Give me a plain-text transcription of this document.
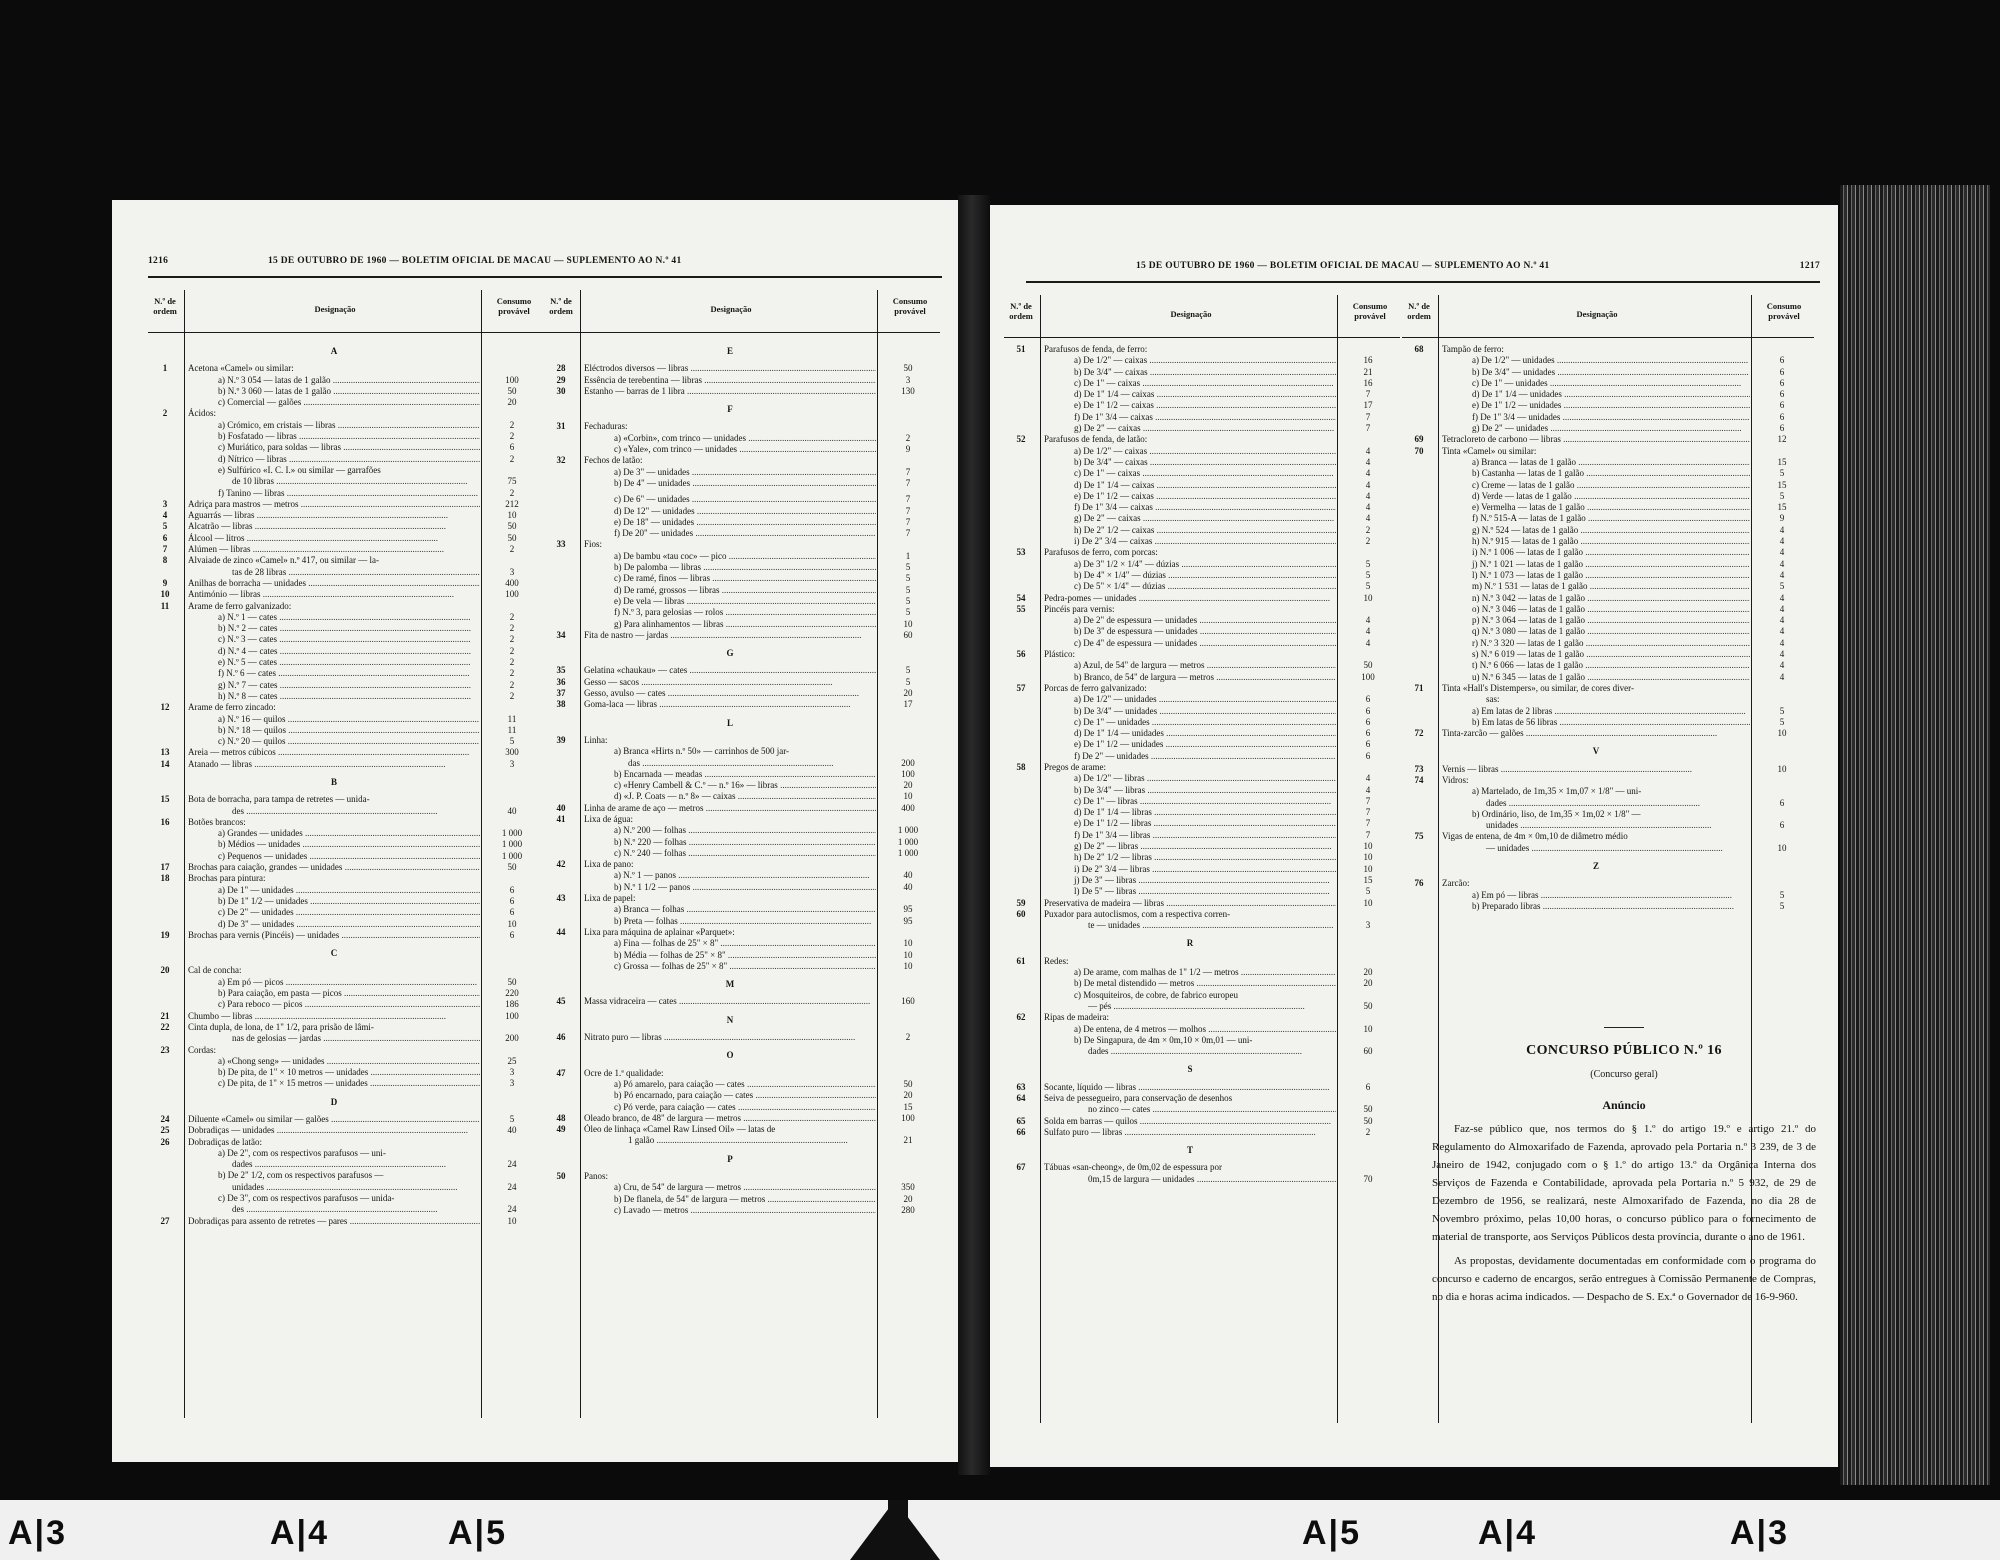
1216	15 DE OUTUBRO DE 1960 — BOLETIM OFICIAL DE MACAU — SUPLEMENTO AO N.º 41
N.º de ordem	Designação
Consumo provável
A
1	Acetona «Camel» ou similar:
a) N.º 3 054 — latas de 1 galão .....	100
b) N.º 3 060 — latas de 1 galão .....	50
c) Comercial — galões .....	20
2	Ácidos:
a) Crómico, em cristais — libras .....	2
b) Fosfatado — libras .....	2
c) Muriático, para soldas — libras .....	6
d) Nítrico — libras .....	2
e) Sulfúrico «I. C. I.» ou similar — garrafões
de 10 libras .....	75
f) Tanino — libras .....	2
3	Adriça para mastros — metros .....	212
4	Aguarrás — libras .....	10
5	Alcatrão — libras .....	50
6	Álcool — litros .....	50
7	Alúmen — libras .....	2
8	Alvaiade de zinco «Camel» n.º 417, ou similar — la-
tas de 28 libras .....	3
9	Anilhas de borracha — unidades .....	400
10	Antimónio — libras .....	100
11	Arame de ferro galvanizado:
a) N.º 1 — cates .....	2
b) N.º 2 — cates .....	2
c) N.º 3 — cates .....	2
d) N.º 4 — cates .....	2
e) N.º 5 — cates .....	2
f) N.º 6 — cates .....	2
g) N.º 7 — cates .....	2
h) N.º 8 — cates .....	2
12	Arame de ferro zincado:
a) N.º 16 — quilos .....	11
b) N.º 18 — quilos .....	11
c) N.º 20 — quilos .....	5
13	Areia — metros cúbicos .....	300
14	Atanado — libras .....	3
B
15	Bota de borracha, para tampa de retretes — unida-
des .....	40
16	Botões brancos:
a) Grandes — unidades .....	1 000
b) Médios — unidades .....	1 000
c) Pequenos — unidades .....	1 000
17	Brochas para caiação, grandes — unidades .....	50
18	Brochas para pintura:
a) De 1" — unidades .....	6
b) De 1" 1/2 — unidades .....	6
c) De 2" — unidades .....	6
d) De 3" — unidades .....	10
19	Brochas para vernis (Pincéis) — unidades .....	6
C
20	Cal de concha:
a) Em pó — picos .....	50
b) Para caiação, em pasta — picos .....	220
c) Para reboco — picos .....	186
21	Chumbo — libras .....	100
22	Cinta dupla, de lona, de 1" 1/2, para prisão de lâmi-
nas de gelosias — jardas .....	200
23	Cordas:
a) «Chong seng» — unidades .....	25
b) De pita, de 1" × 10 metros — unidades .....	3
c) De pita, de 1" × 15 metros — unidades .....	3
D
24	Diluente «Camel» ou similar — galões .....	5
25	Dobradiças — unidades .....	40
26	Dobradiças de latão:
a) De 2", com os respectivos parafusos — uni-
dades .....	24
b) De 2" 1/2, com os respectivos parafusos —
unidades .....	24
c) De 3", com os respectivos parafusos — unida-
des .....	24
27	Dobradiças para assento de retretes — pares .....	10
N.º de ordem	Designação
Consumo provável
E
28	Eléctrodos diversos — libras .....	50
29	Essência de terebentina — libras .....	3
30	Estanho — barras de 1 libra .....	130
F
31	Fechaduras:
a) «Corbin», com trinco — unidades .....	2
c) «Yale», com trinco — unidades .....	9
32	Fechos de latão:
a) De 3" — unidades .....	7
b) De 4" — unidades .....	7
c) De 6" — unidades .....	7
d) De 12" — unidades .....	7
e) De 18" — unidades .....	7
f) De 20" — unidades .....	7
33	Fios:
a) De bambu «tau coc» — pico .....	1
b) De palomba — libras .....	5
c) De ramé, finos — libras .....	5
d) De ramé, grossos — libras .....	5
e) De vela — libras .....	5
f) N.º 3, para gelosias — rolos .....	5
g) Para alinhamentos — libras .....	10
34	Fita de nastro — jardas .....	60
G
35	Gelatina «chaukau» — cates .....	5
36	Gesso — sacos .....	5
37	Gesso, avulso — cates .....	20
38	Goma-laca — libras .....	17
L
39	Linha:
a) Branca «Hirts n.º 50» — carrinhos de 500 jar-
das .....	200
b) Encarnada — meadas .....	100
c) «Henry Cambell & C.º — n.º 16» — libras .....	20
d) «J. P. Coats — n.º 8» — caixas .....	10
40	Linha de arame de aço — metros .....	400
41	Lixa de água:
a) N.º 200 — folhas .....	1 000
b) N.º 220 — folhas .....	1 000
c) N.º 240 — folhas .....	1 000
42	Lixa de pano:
a) N.º 1 — panos .....	40
b) N.º 1 1/2 — panos .....	40
43	Lixa de papel:
a) Branca — folhas .....	95
b) Preta — folhas .....	95
44	Lixa para máquina de aplainar «Parquet»:
a) Fina — folhas de 25" × 8" .....	10
b) Média — folhas de 25" × 8" .....	10
c) Grossa — folhas de 25" × 8" .....	10
M
45	Massa vidraceira — cates .....	160
N
46	Nitrato puro — libras .....	2
O
47	Ocre de 1.ª qualidade:
a) Pó amarelo, para caiação — cates .....	50
b) Pó encarnado, para caiação — cates .....	20
c) Pó verde, para caiação — cates .....	15
48	Oleado branco, de 48" de largura — metros .....	100
49	Óleo de linhaça «Camel Raw Linsed Oil» — latas de
1 galão .....	21
P
50	Panos:
a) Cru, de 54" de largura — metros .....	350
b) De flanela, de 54" de largura — metros .....	20
c) Lavado — metros .....	280
15 DE OUTUBRO DE 1960 — BOLETIM OFICIAL DE MACAU — SUPLEMENTO AO N.º 41	1217
N.º de ordem	Designação
Consumo provável
51	Parafusos de fenda, de ferro:
a) De 1/2" — caixas .....	16
b) De 3/4" — caixas .....	21
c) De 1" — caixas .....	16
d) De 1" 1/4 — caixas .....	7
e) De 1" 1/2 — caixas .....	17
f) De 1" 3/4 — caixas .....	7
g) De 2" — caixas .....	7
52	Parafusos de fenda, de latão:
a) De 1/2" — caixas .....	4
b) De 3/4" — caixas .....	4
c) De 1" — caixas .....	4
d) De 1" 1/4 — caixas .....	4
e) De 1" 1/2 — caixas .....	4
f) De 1" 3/4 — caixas .....	4
g) De 2" — caixas .....	4
h) De 2" 1/2 — caixas .....	2
i) De 2" 3/4 — caixas .....	2
53	Parafusos de ferro, com porcas:
a) De 3" 1/2 × 1/4" — dúzias .....	5
b) De 4" × 1/4" — dúzias .....	5
c) De 5" × 1/4" — dúzias .....	5
54	Pedra-pomes — unidades .....	10
55	Pincéis para vernis:
a) De 2" de espessura — unidades .....	4
b) De 3" de espessura — unidades .....	4
c) De 4" de espessura — unidades .....	4
56	Plástico:
a) Azul, de 54" de largura — metros .....	50
b) Branco, de 54" de largura — metros .....	100
57	Porcas de ferro galvanizado:
a) De 1/2" — unidades .....	6
b) De 3/4" — unidades .....	6
c) De 1" — unidades .....	6
d) De 1" 1/4 — unidades .....	6
e) De 1" 1/2 — unidades .....	6
f) De 2" — unidades .....	6
58	Pregos de arame:
a) De 1/2" — libras .....	4
b) De 3/4" — libras .....	4
c) De 1" — libras .....	7
d) De 1" 1/4 — libras .....	7
e) De 1" 1/2 — libras .....	7
f) De 1" 3/4 — libras .....	7
g) De 2" — libras .....	10
h) De 2" 1/2 — libras .....	10
i) De 2" 3/4 — libras .....	10
j) De 3" — libras .....	15
l) De 5" — libras .....	5
59	Preservativa de madeira — libras .....	10
60	Puxador para autoclismos, com a respectiva corren-
te — unidades .....	3
R
61	Redes:
a) De arame, com malhas de 1" 1/2 — metros .....	20
b) De metal distendido — metros .....	20
c) Mosquiteiros, de cobre, de fabrico europeu
— pés .....	50
62	Ripas de madeira:
a) De entena, de 4 metros — molhos .....	10
b) De Singapura, de 4m × 0m,10 × 0m,01 — uni-
dades .....	60
S
63	Socante, líquido — libras .....	6
64	Seiva de pessegueiro, para conservação de desenhos
no zinco — cates .....	50
65	Solda em barras — quilos .....	50
66	Sulfato puro — libras .....	2
T
67	Tábuas «san-cheong», de 0m,02 de espessura por
0m,15 de largura — unidades .....	70
N.º de ordem	Designação
Consumo provável
68	Tampão de ferro:
a) De 1/2" — unidades .....	6
b) De 3/4" — unidades .....	6
c) De 1" — unidades .....	6
d) De 1" 1/4 — unidades .....	6
e) De 1" 1/2 — unidades .....	6
f) De 1" 3/4 — unidades .....	6
g) De 2" — unidades .....	6
69	Tetracloreto de carbono — libras .....	12
70	Tinta «Camel» ou similar:
a) Branca — latas de 1 galão .....	15
b) Castanha — latas de 1 galão .....	5
c) Creme — latas de 1 galão .....	15
d) Verde — latas de 1 galão .....	5
e) Vermelha — latas de 1 galão .....	15
f) N.º 515-A — latas de 1 galão .....	9
g) N.º 524 — latas de 1 galão .....	4
h) N.º 915 — latas de 1 galão .....	4
i) N.º 1 006 — latas de 1 galão .....	4
j) N.º 1 021 — latas de 1 galão .....	4
l) N.º 1 073 — latas de 1 galão .....	4
m) N.º 1 531 — latas de 1 galão .....	5
n) N.º 3 042 — latas de 1 galão .....	4
o) N.º 3 046 — latas de 1 galão .....	4
p) N.º 3 064 — latas de 1 galão .....	4
q) N.º 3 080 — latas de 1 galão .....	4
r) N.º 3 320 — latas de 1 galão .....	4
s) N.º 6 019 — latas de 1 galão .....	4
t) N.º 6 066 — latas de 1 galão .....	4
u) N.º 6 345 — latas de 1 galão .....	4
71	Tinta «Hall's Distempers», ou similar, de cores diver-
sas:
a) Em latas de 2 libras .....	5
b) Em latas de 56 libras .....	5
72	Tinta-zarcão — galões .....	10
V
73	Vernis — libras .....	10
74	Vidros:
a) Martelado, de 1m,35 × 1m,07 × 1/8" — uni-
dades .....	6
b) Ordinário, liso, de 1m,35 × 1m,02 × 1/8" —
unidades .....	6
75	Vigas de entena, de 4m × 0m,10 de diâmetro médio
— unidades .....	10
Z
76	Zarcão:
a) Em pó — libras .....	5
b) Preparado libras .....	5
CONCURSO PÚBLICO N.º 16
(Concurso geral)
Anúncio

Faz-se público que, nos termos do § 1.º do artigo 19.º e artigo 21.º do Regulamento do Almoxarifado de Fazenda, aprovado pela Portaria n.º 3 239, de 3 de Janeiro de 1942, conjugado com o § 1.º do artigo 13.º da Orgânica Interna dos Serviços de Fazenda e Contabilidade, aprovada pela Portaria n.º 5 932, de 29 de Dezembro de 1956, se realizará, neste Almoxarifado de Fazenda, no dia 28 de Novembro próximo, pelas 10,00 horas, o concurso público para o fornecimento de material de transporte, aos Serviços Públicos desta província, durante o ano de 1961.

As propostas, devidamente documentadas em conformidade com o programa do concurso e caderno de encargos, serão entregues à Comissão Permanente de Compras, no dia e horas acima indicados. — Despacho de S. Ex.ª o Governador de 16-9-960.

A|3	A|4	A|5	A|5	A|4	A|3
